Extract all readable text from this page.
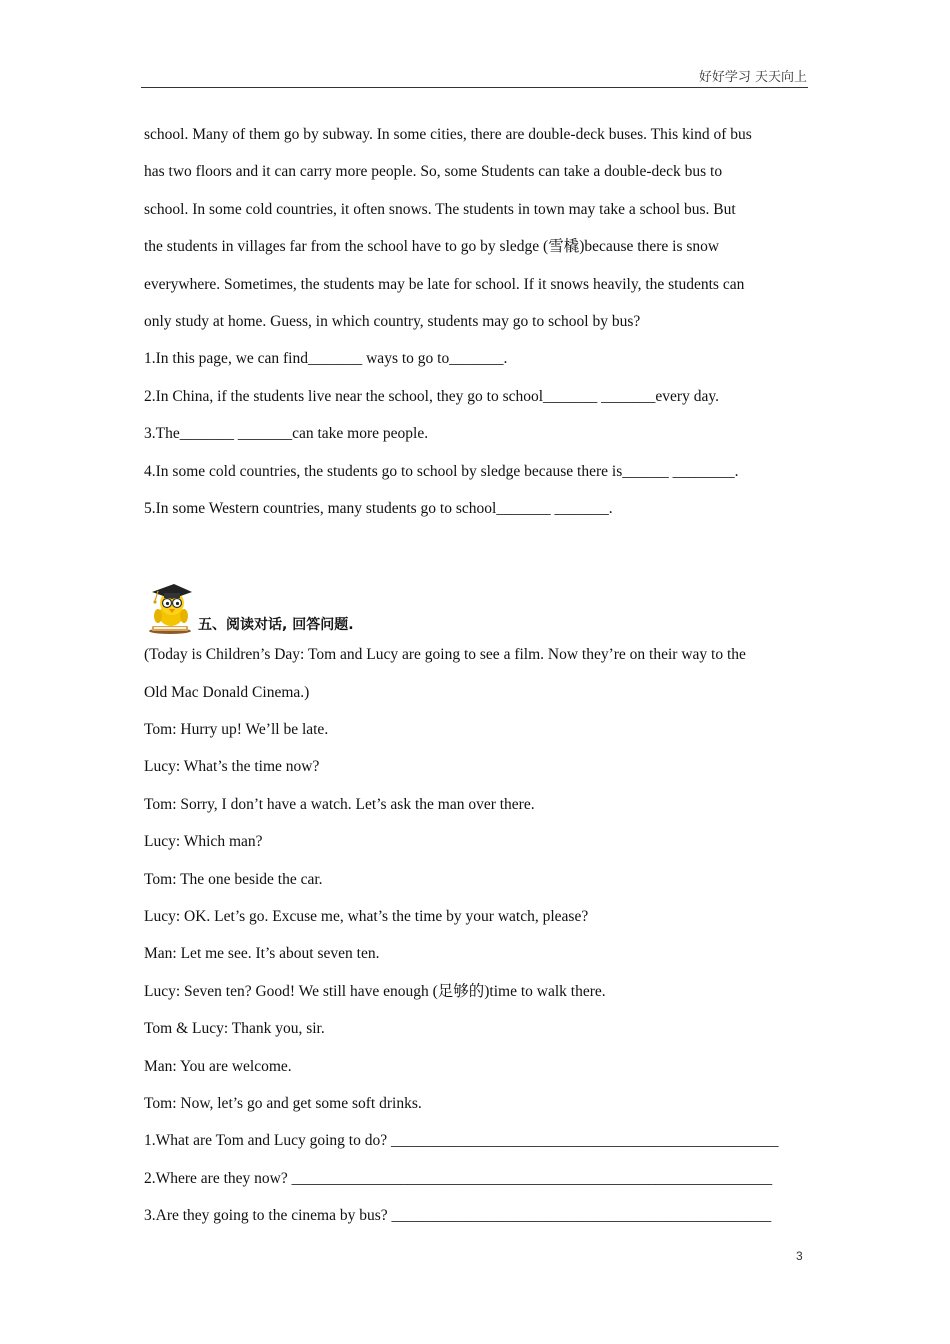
好好学习 天天向上
school. Many of them go by subway. In some cities, there are double-deck buses. This kind of bus
has two floors and it can carry more people. So, some Students can take a double-deck bus to
school. In some cold countries, it often snows. The students in town may take a school bus. But
the students in villages far from the school have to go by sledge (雪橇)because there is snow
everywhere. Sometimes, the students may be late for school. If it snows heavily, the students can
only study at home. Guess, in which country, students may go to school by bus?
1.In this page, we can find_______ ways to go to_______.
2.In China, if the students live near the school, they go to school_______ _______every day.
3.The_______ _______can take more people.
4.In some cold countries, the students go to school by sledge because there is______ ________.
5.In some Western countries, many students go to school_______ _______.
五、阅读对话, 回答问题.
(Today is Children’s Day: Tom and Lucy are going to see a film. Now they’re on their way to the
Old Mac Donald Cinema.)
Tom: Hurry up! We’ll be late.
Lucy: What’s the time now?
Tom: Sorry, I don’t have a watch. Let’s ask the man over there.
Lucy: Which man?
Tom: The one beside the car.
Lucy: OK. Let’s go. Excuse me, what’s the time by your watch, please?
Man: Let me see. It’s about seven ten.
Lucy: Seven ten? Good! We still have enough (足够的)time to walk there.
Tom & Lucy: Thank you, sir.
Man: You are welcome.
Tom: Now, let’s go and get some soft drinks.
1.What are Tom and Lucy going to do? __________________________________________________
2.Where are they now? ______________________________________________________________
3.Are they going to the cinema by bus? _________________________________________________
3
